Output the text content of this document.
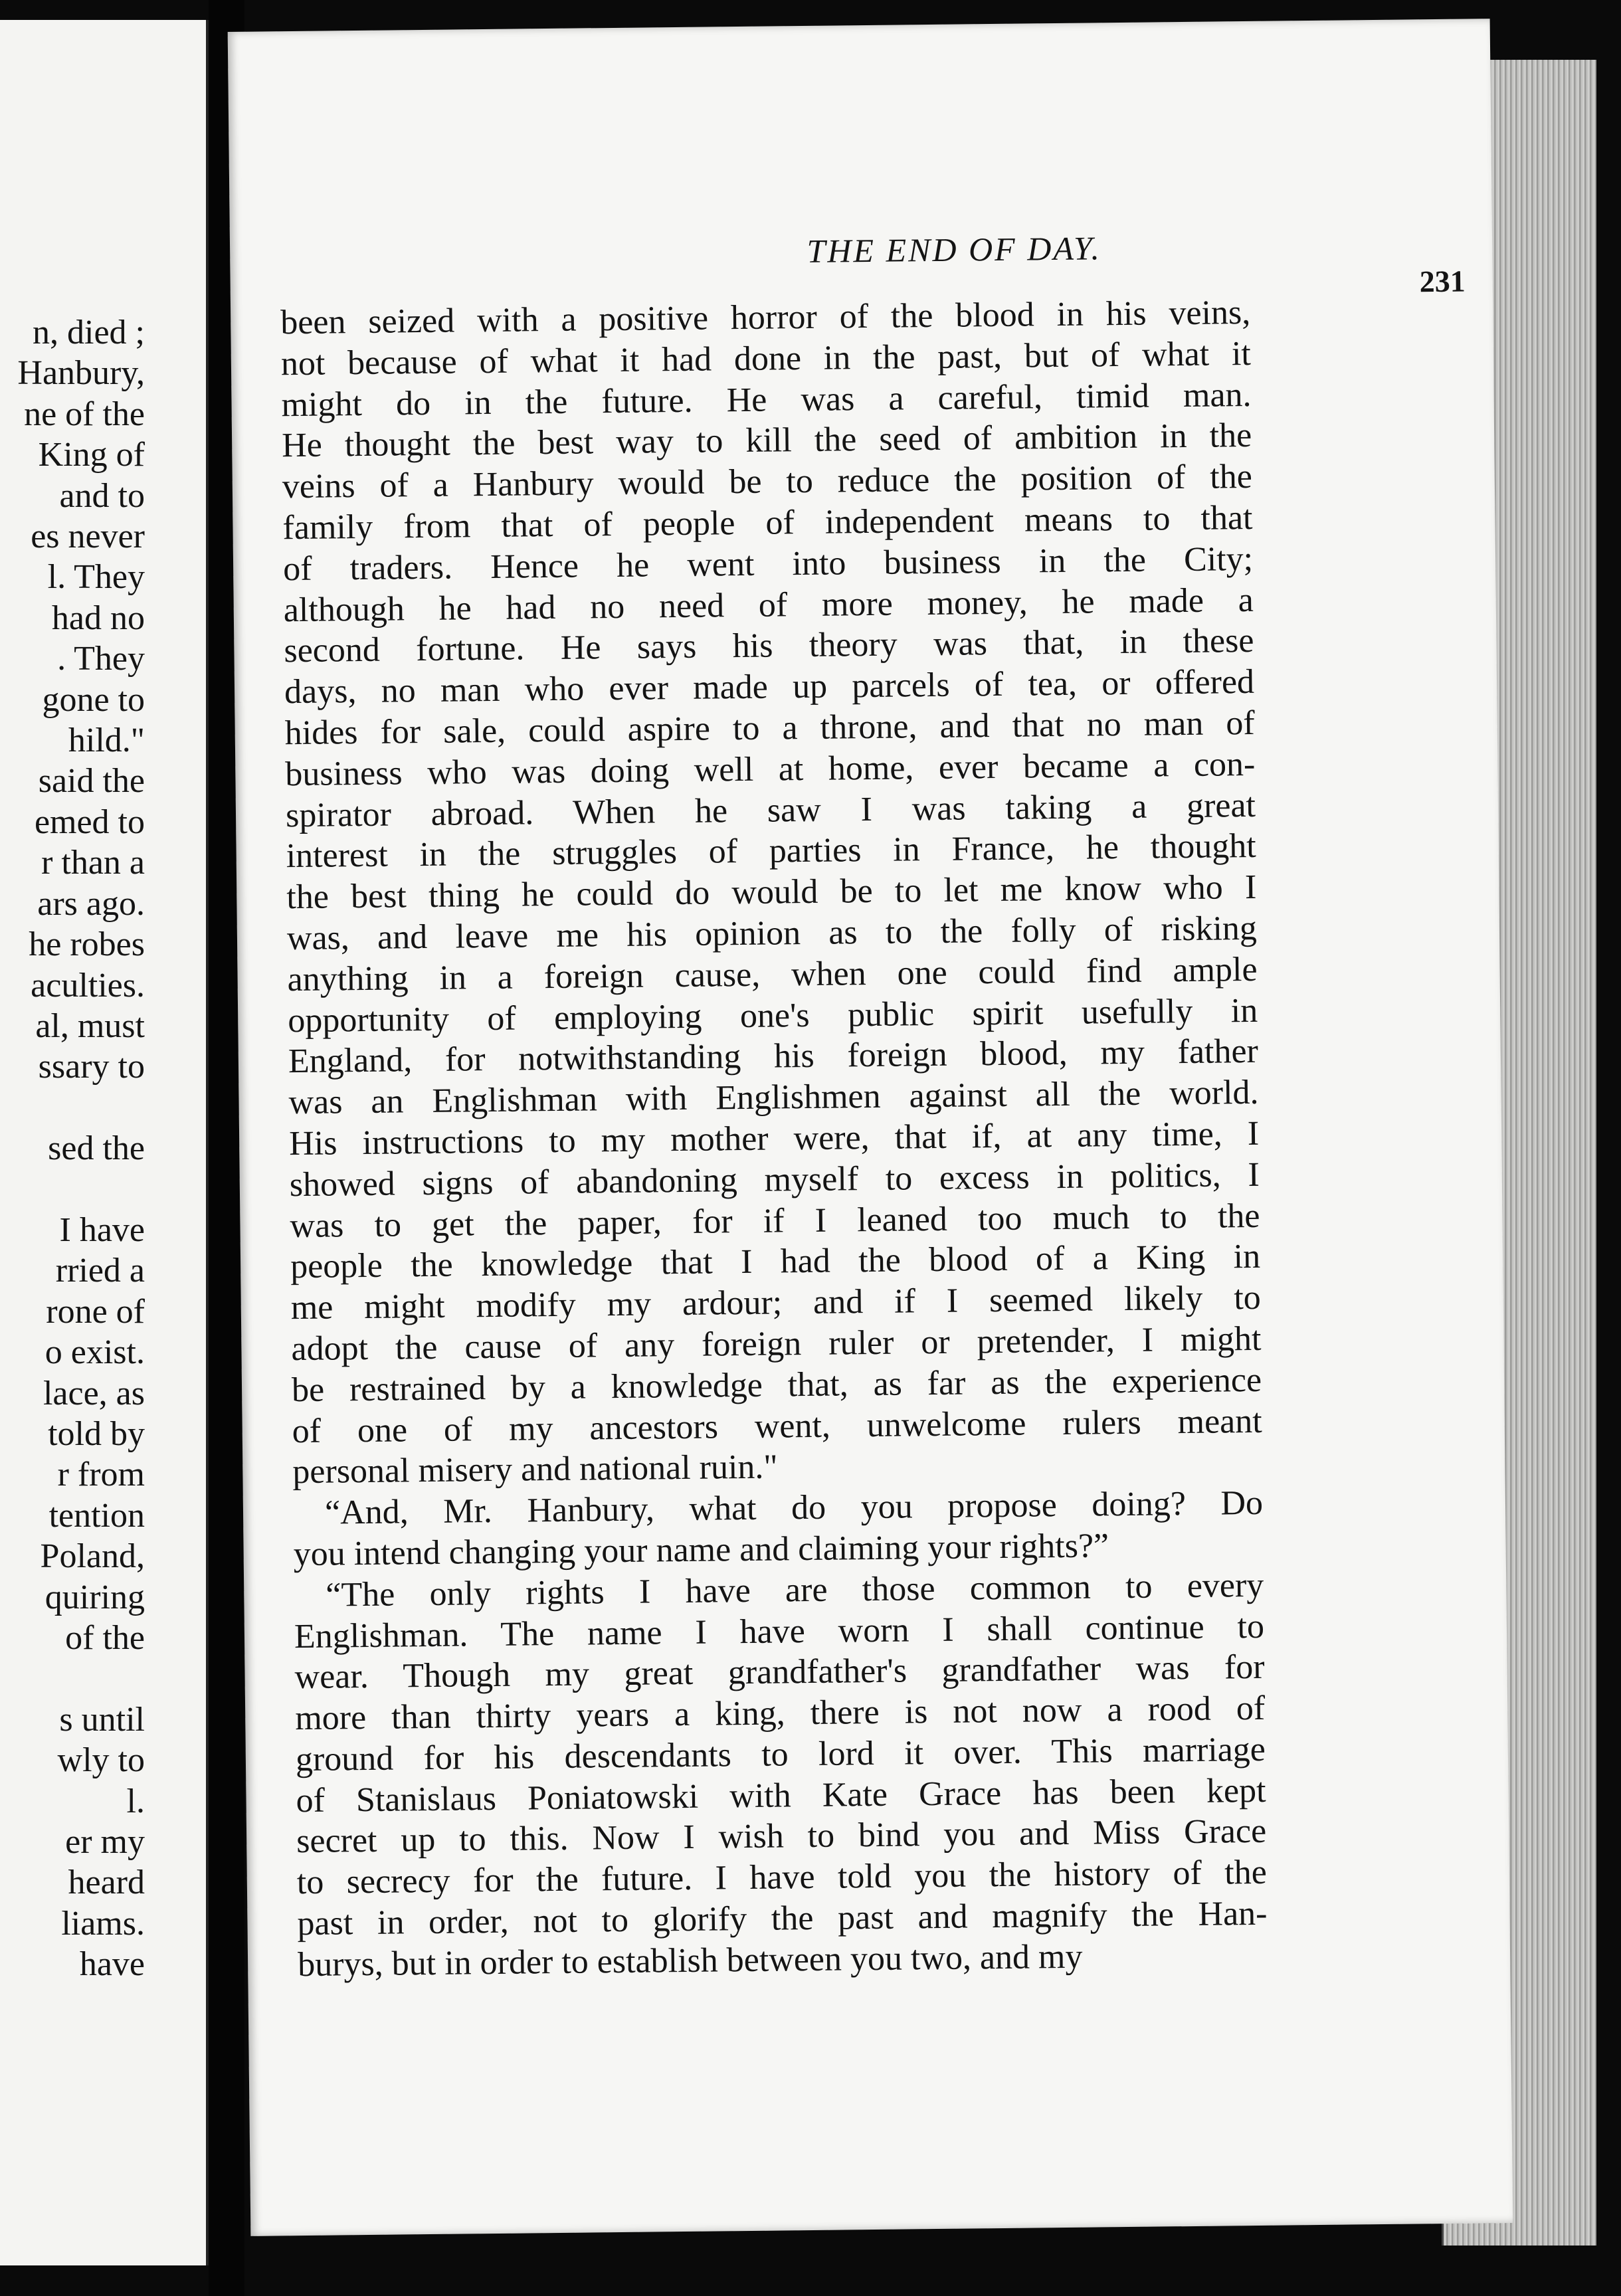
n, died ;
Hanbury,
ne of the
King of
and to
es never
l. They
had no
. They
gone to
hild."
said the
emed to
r than a
ars ago.
he robes
aculties.
al, must
ssary to
sed the
I have
rried a
rone of
o exist.
lace, as
told by
r from
tention
Poland,
quiring
of the
s until
wly to
l.
er my
heard
liams.
have
THE END OF DAY.
231
been seized with a positive horror of the blood in his veins,
not because of what it had done in the past, but of what it
might do in the future. He was a careful, timid man.
He thought the best way to kill the seed of ambition in the
veins of a Hanbury would be to reduce the position of the
family from that of people of independent means to that
of traders. Hence he went into business in the City;
although he had no need of more money, he made a
second fortune. He says his theory was that, in these
days, no man who ever made up parcels of tea, or offered
hides for sale, could aspire to a throne, and that no man of
business who was doing well at home, ever became a con-
spirator abroad. When he saw I was taking a great
interest in the struggles of parties in France, he thought
the best thing he could do would be to let me know who I
was, and leave me his opinion as to the folly of risking
anything in a foreign cause, when one could find ample
opportunity of employing one's public spirit usefully in
England, for notwithstanding his foreign blood, my father
was an Englishman with Englishmen against all the world.
His instructions to my mother were, that if, at any time, I
showed signs of abandoning myself to excess in politics, I
was to get the paper, for if I leaned too much to the
people the knowledge that I had the blood of a King in
me might modify my ardour; and if I seemed likely to
adopt the cause of any foreign ruler or pretender, I might
be restrained by a knowledge that, as far as the experience
of one of my ancestors went, unwelcome rulers meant
personal misery and national ruin."
“And, Mr. Hanbury, what do you propose doing? Do
you intend changing your name and claiming your rights?”
“The only rights I have are those common to every
Englishman. The name I have worn I shall continue to
wear. Though my great grandfather's grandfather was for
more than thirty years a king, there is not now a rood of
ground for his descendants to lord it over. This marriage
of Stanislaus Poniatowski with Kate Grace has been kept
secret up to this. Now I wish to bind you and Miss Grace
to secrecy for the future. I have told you the history of the
past in order, not to glorify the past and magnify the Han-
burys, but in order to establish between you two, and my
